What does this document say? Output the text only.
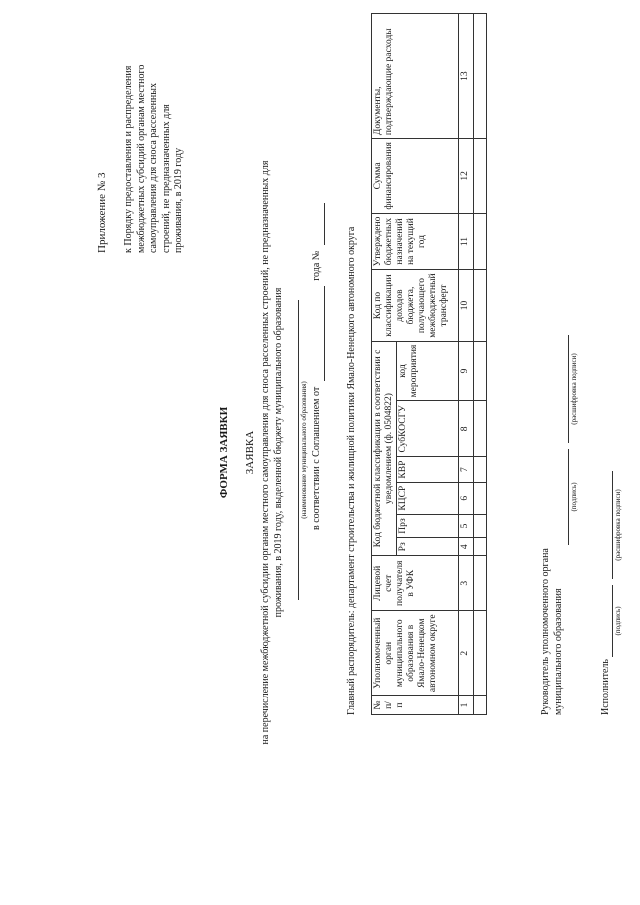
Приложение № 3 к Порядку предоставления и распределения межбюджетных субсидий органам местного самоуправления для сноса расселенных строений, не предназначенных для проживания, в 2019 году
ФОРМА ЗАЯВКИ ЗАЯВКА на перечисление межбюджетной субсидии органам местного самоуправления для сноса расселенных строений, не предназначенных для проживания, в 2019 году, выделенной бюджету муниципального образования (наименование муниципального образования) в соответствии с Соглашением от   года № Главный распорядитель: департамент строительства и жилищной политики Ямало-Ненецкого автономного округа № п/п	Уполномоченный орган муниципального образования в Ямало-Ненецком автономном округе	Лицевой счет получателя в УФК	Код бюджетной классификации в соответствии с уведомлением (ф. 0504822)						Код по классификации доходов бюджета, получающего межбюджетный трансферт	Утверждено бюджетных назначений на текущий год	Сумма финансирования	Документы, подтверждающие расходы
			Рз	Прз	КЦСР	КВР	СубКОСГУ	код мероприятия				
1	2	3	4	5	6	7	8	9	10	11	12	13

Руководитель уполномоченного органа муниципального образования
(подпись)
(расшифровка подписи)
Исполнитель
(подпись)
(расшифровка подписи)
